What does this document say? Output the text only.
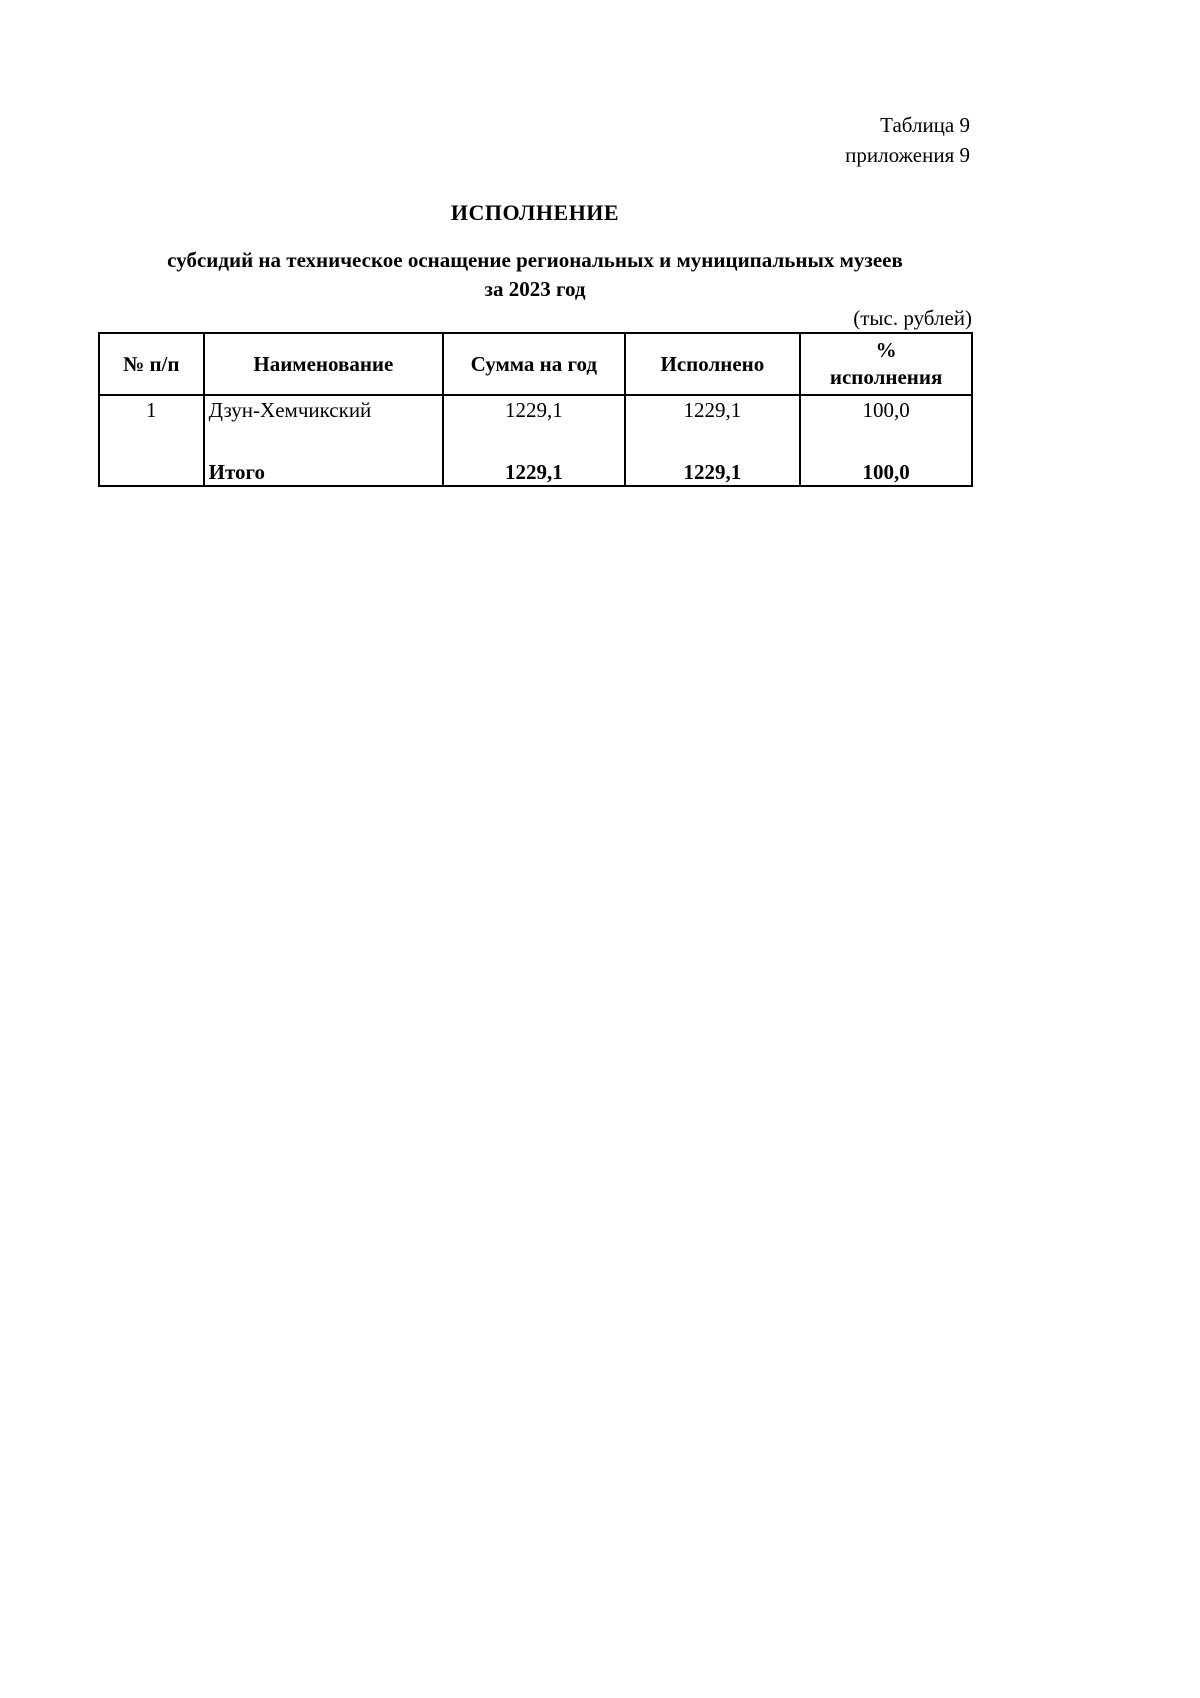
Таблица 9
приложения 9
ИСПОЛНЕНИЕ
субсидий на техническое оснащение региональных и муниципальных музеев
за 2023 год
(тыс. рублей)
№ п/п	Наименование	Сумма на год	Исполнено	%
исполнения

1	Дзун-Хемчикский	1229,1	1229,1	100,0
	Итого	1229,1	1229,1	100,0
